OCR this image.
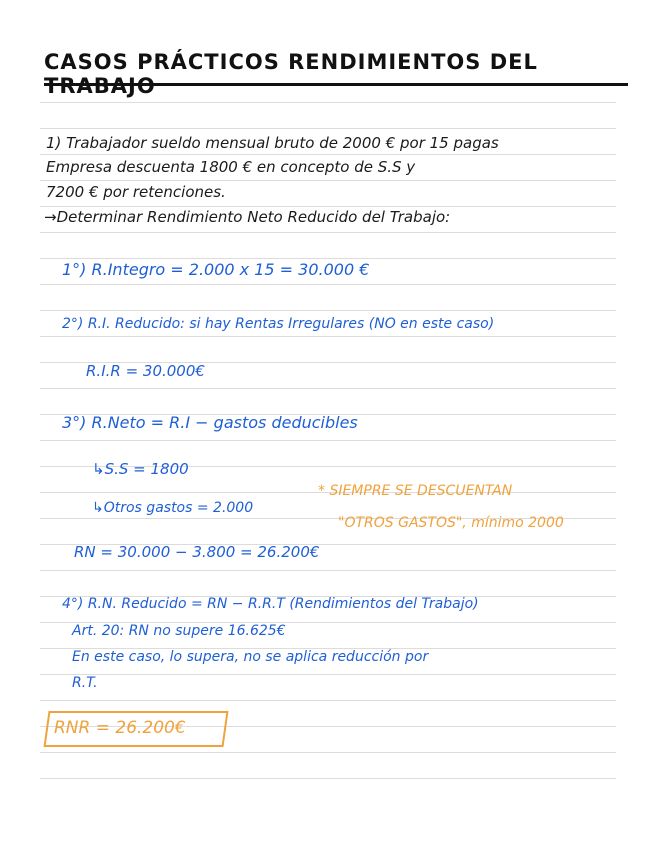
CASOS PRÁCTICOS RENDIMIENTOS DEL TRABAJO
1) Trabajador sueldo mensual bruto de 2000 € por 15 pagas
Empresa descuenta 1800 € en concepto de S.S y
7200 € por retenciones.
→Determinar Rendimiento Neto Reducido del Trabajo:
1°) R.Integro = 2.000 x 15 = 30.000 €
2°) R.I. Reducido: si hay Rentas Irregulares (NO en este caso)
R.I.R = 30.000€
3°) R.Neto = R.I − gastos deducibles
↳S.S = 1800
↳Otros gastos = 2.000
* SIEMPRE SE DESCUENTAN
"OTROS GASTOS", mínimo 2000
RN = 30.000 − 3.800 = 26.200€
4°) R.N. Reducido = RN − R.R.T (Rendimientos del Trabajo)
Art. 20: RN no supere 16.625€
En este caso, lo supera, no se aplica reducción por
R.T.
RNR = 26.200€
